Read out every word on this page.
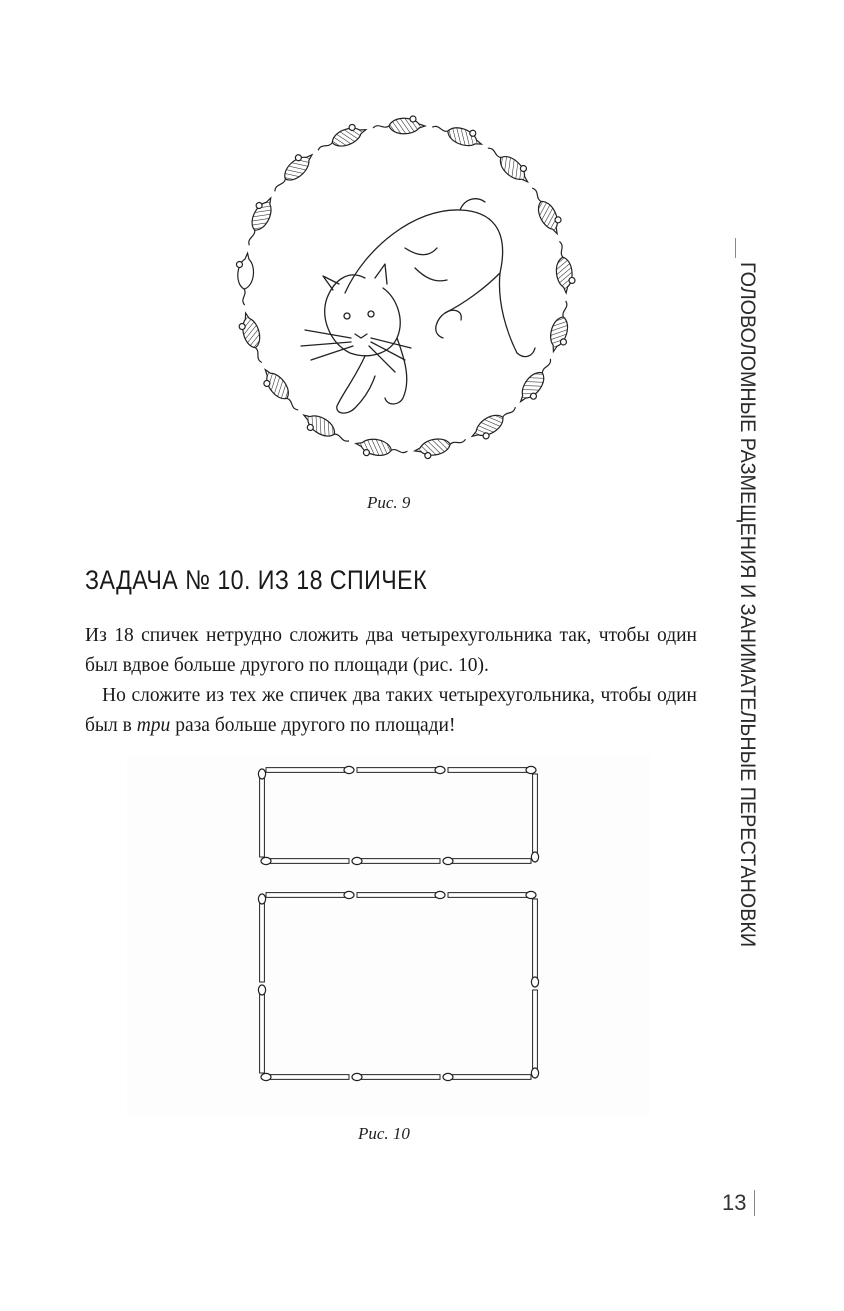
Рис. 9
ЗАДАЧА № 10. ИЗ 18 СПИЧЕК

Из 18 спичек нетрудно сложить два четырехугольника так, чтобы один был вдвое больше другого по площади (рис. 10).

Но сложите из тех же спичек два таких четырехугольника, чтобы один был в три раза больше другого по площади!

Рис. 10
ГОЛОВОЛОМНЫЕ РАЗМЕЩЕНИЯ И ЗАНИМАТЕЛЬНЫЕ ПЕРЕСТАНОВКИ
13
